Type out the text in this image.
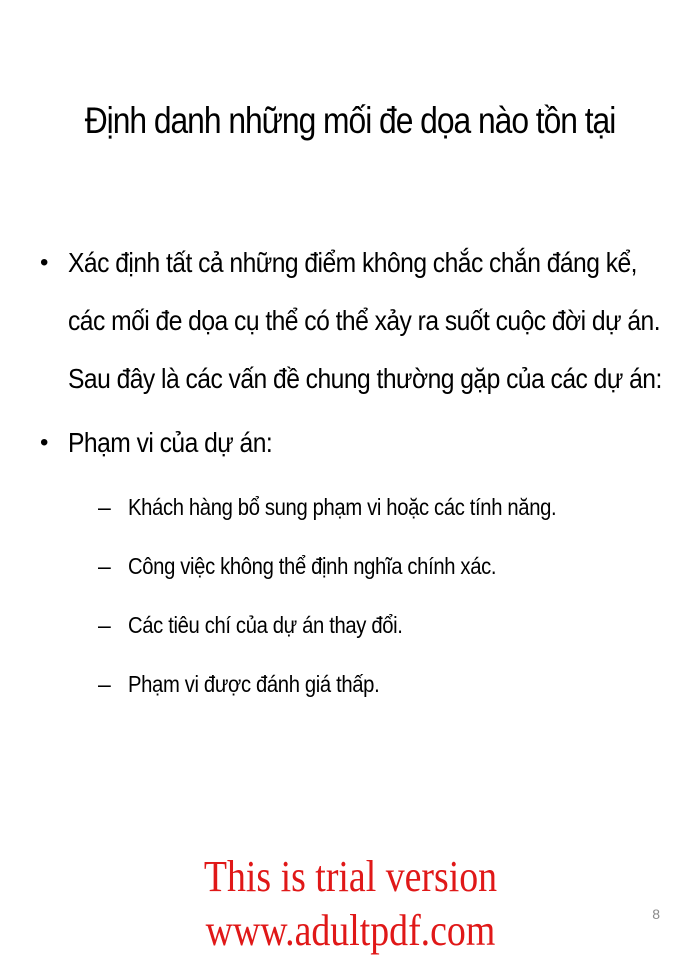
Định danh những mối đe dọa nào tồn tại
• Xác định tất cả những điểm không chắc chắn đáng kể, các mối đe dọa cụ thể có thể xảy ra suốt cuộc đời dự án. Sau đây là các vấn đề chung thường gặp của các dự án:
• Phạm vi của dự án:
– Khách hàng bổ sung phạm vi hoặc các tính năng.
– Công việc không thể định nghĩa chính xác.
– Các tiêu chí của dự án thay đổi.
– Phạm vi được đánh giá thấp.
This is trial version
www.adultpdf.com	8
